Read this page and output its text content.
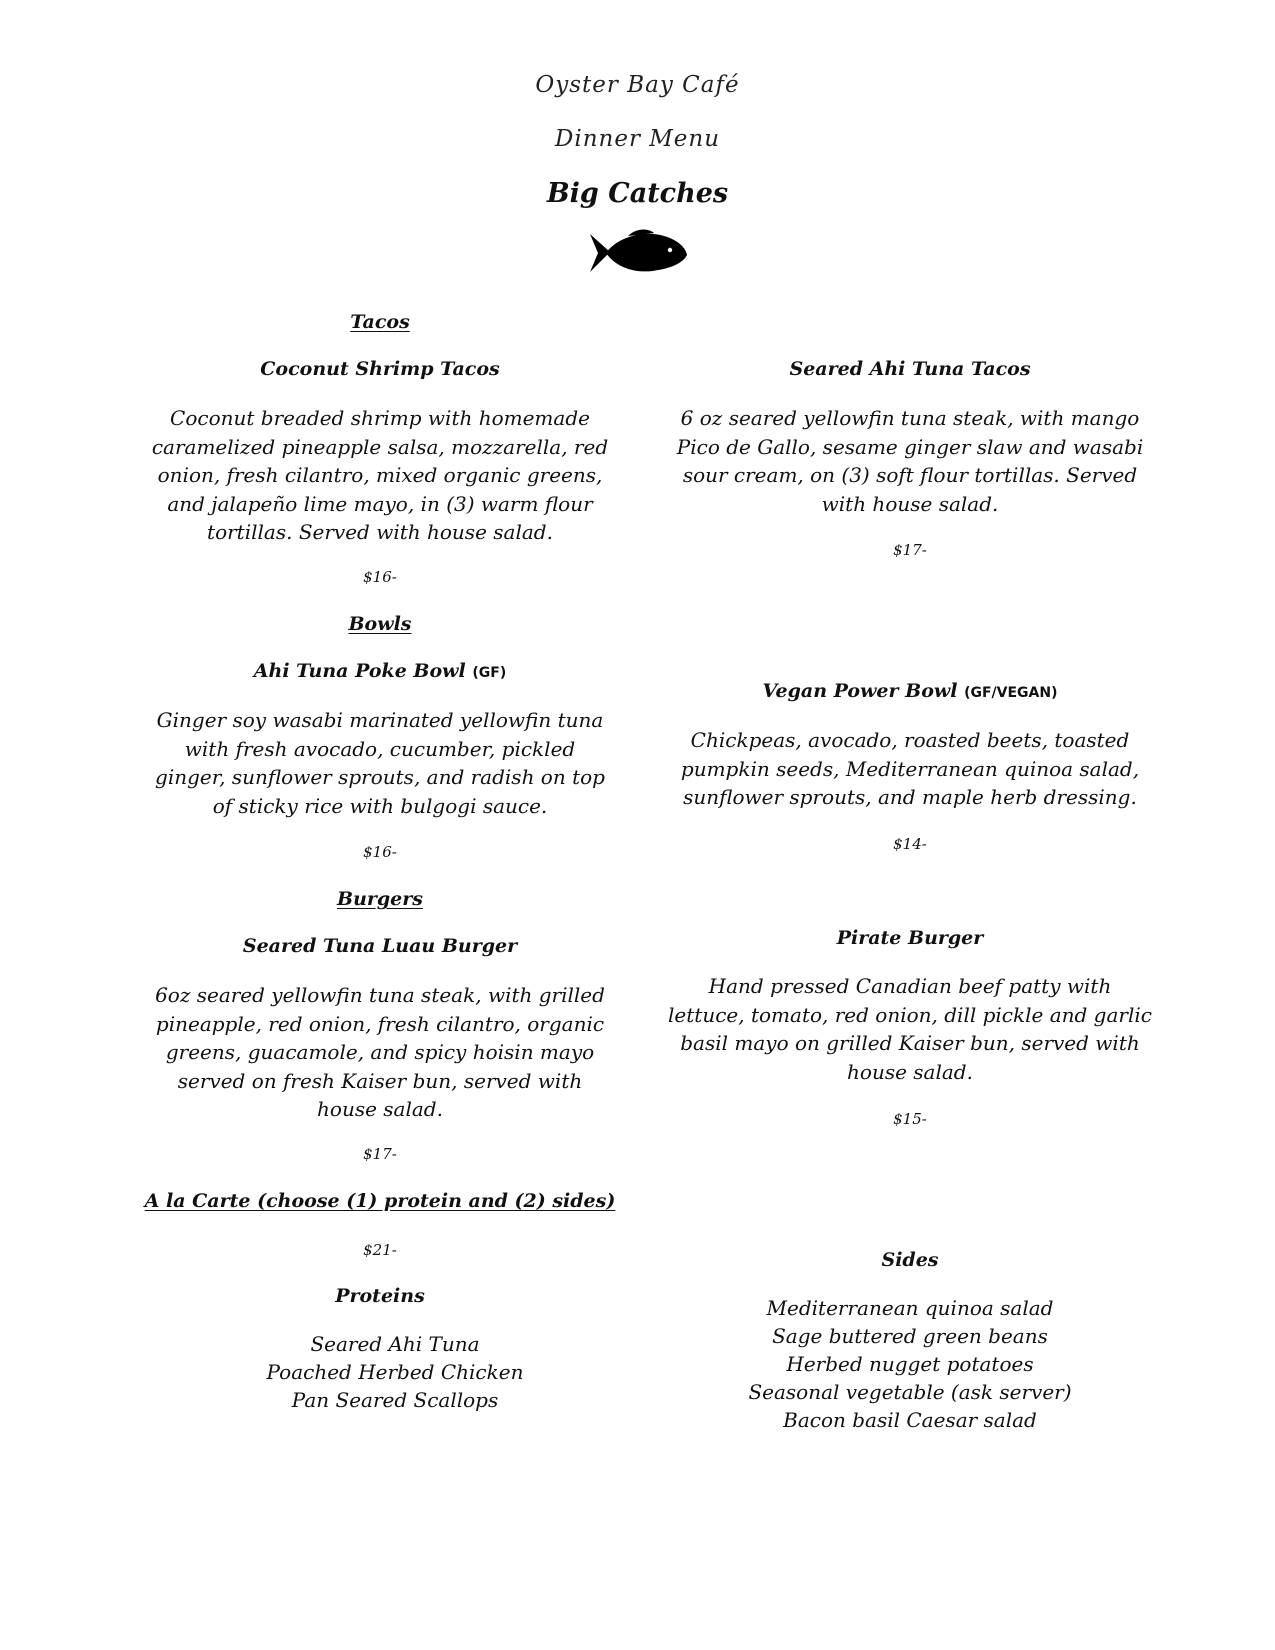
Oyster Bay Café
Dinner Menu
Big Catches
Tacos
Coconut Shrimp Tacos
Coconut breaded shrimp with homemade caramelized pineapple salsa, mozzarella, red onion, fresh cilantro, mixed organic greens, and jalapeño lime mayo, in (3) warm flour tortillas. Served with house salad.
$16-
Seared Ahi Tuna Tacos
6 oz seared yellowfin tuna steak, with mango Pico de Gallo, sesame ginger slaw and wasabi sour cream, on (3) soft flour tortillas. Served with house salad.
$17-
Bowls
Ahi Tuna Poke Bowl (GF)
Ginger soy wasabi marinated yellowfin tuna with fresh avocado, cucumber, pickled ginger, sunflower sprouts, and radish on top of sticky rice with bulgogi sauce.
$16-
Vegan Power Bowl (GF/VEGAN)
Chickpeas, avocado, roasted beets, toasted pumpkin seeds, Mediterranean quinoa salad, sunflower sprouts, and maple herb dressing.
$14-
Burgers
Seared Tuna Luau Burger
6oz seared yellowfin tuna steak, with grilled pineapple, red onion, fresh cilantro, organic greens, guacamole, and spicy hoisin mayo served on fresh Kaiser bun, served with house salad.
$17-
Pirate Burger
Hand pressed Canadian beef patty with lettuce, tomato, red onion, dill pickle and garlic basil mayo on grilled Kaiser bun, served with house salad.
$15-
A la Carte (choose (1) protein and (2) sides)
$21-
Proteins
Seared Ahi Tuna
Poached Herbed Chicken
Pan Seared Scallops
Sides
Mediterranean quinoa salad
Sage buttered green beans
Herbed nugget potatoes
Seasonal vegetable (ask server)
Bacon basil Caesar salad
